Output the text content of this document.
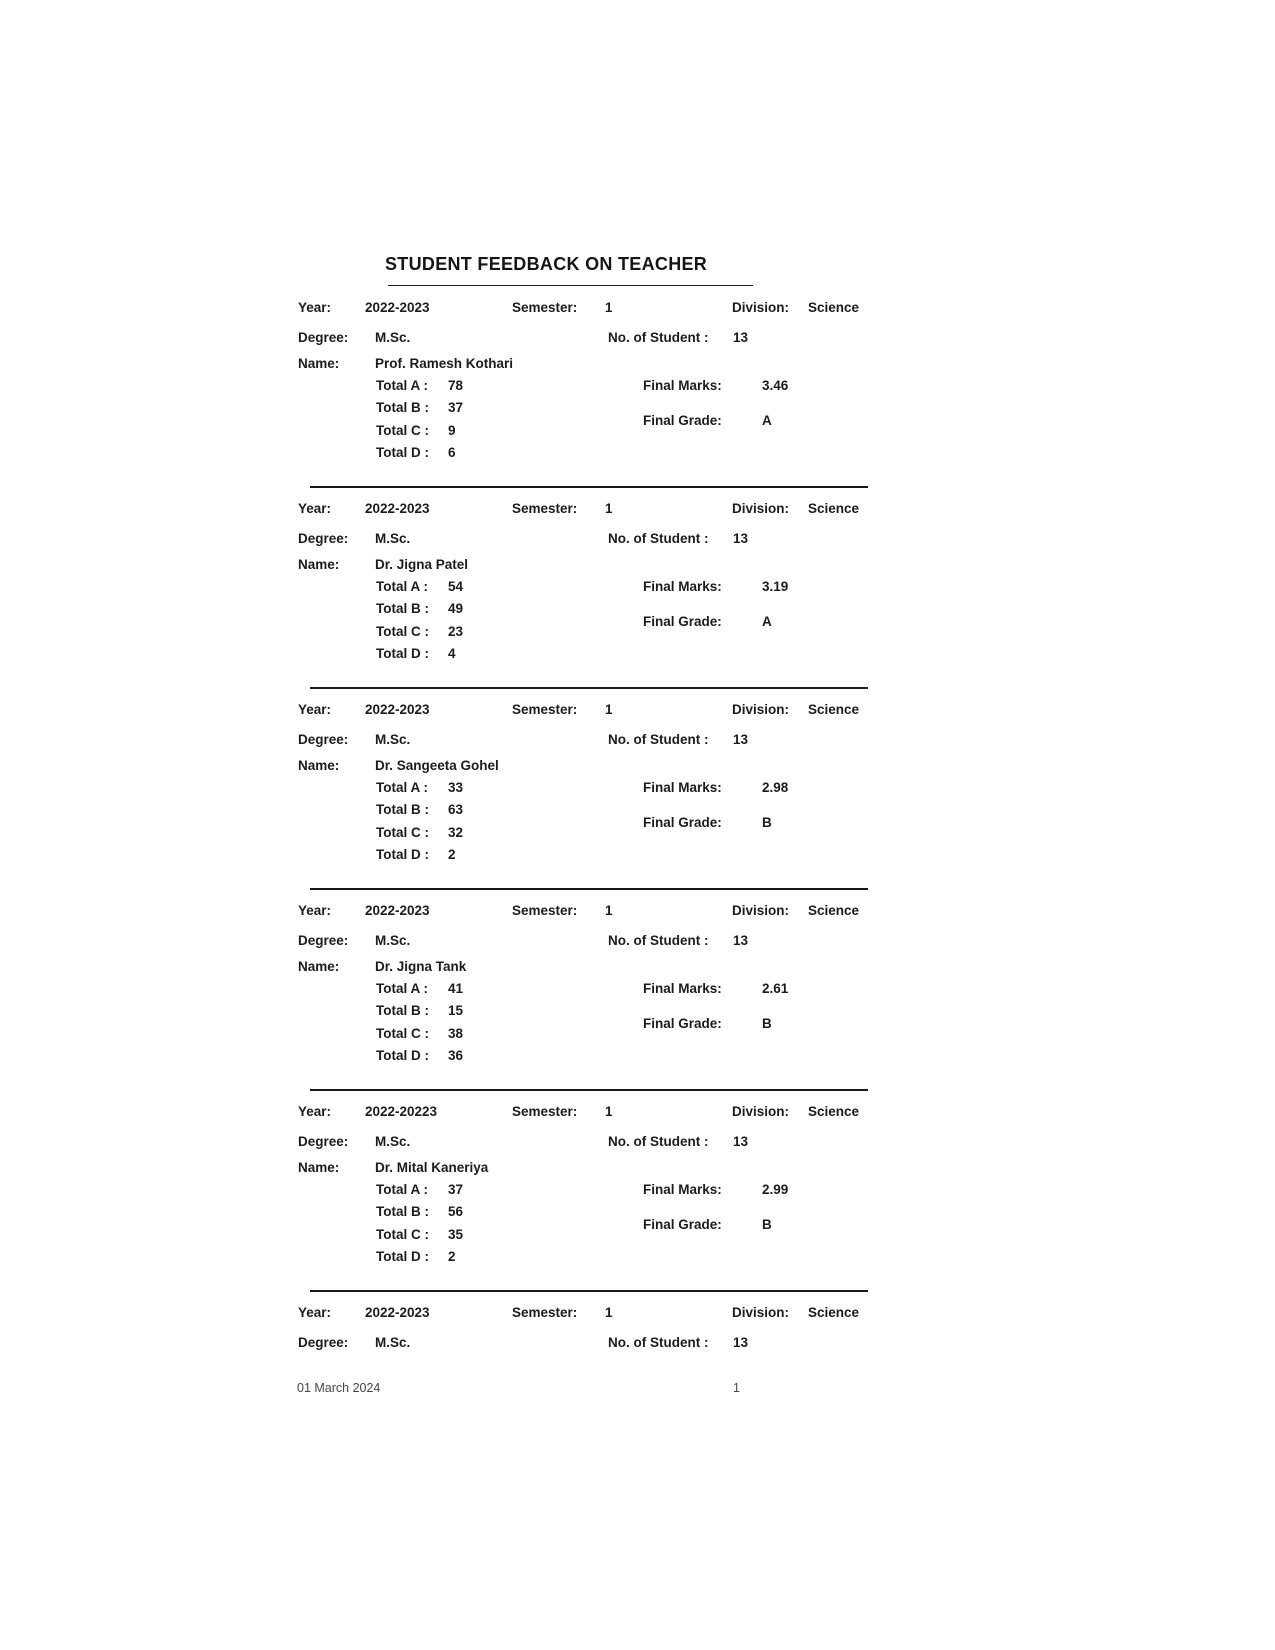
STUDENT FEEDBACK ON TEACHER
Year:	2022-2023	Semester: 1	Division: Science
Degree: M.Sc.	No. of Student : 13
Name:	Prof. Ramesh Kothari
Total A : 78
Total B : 37
Total C : 9
Total D : 6
Final Marks:	3.46
Final Grade:	A
Year:	2022-2023	Semester: 1	Division: Science
Degree: M.Sc.	No. of Student : 13
Name:	Dr. Jigna Patel
Total A : 54
Total B : 49
Total C : 23
Total D : 4
Final Marks:	3.19
Final Grade:	A
Year:	2022-2023	Semester: 1	Division: Science
Degree: M.Sc.	No. of Student : 13
Name:	Dr. Sangeeta Gohel
Total A : 33
Total B : 63
Total C : 32
Total D : 2
Final Marks:	2.98
Final Grade:	B
Year:	2022-2023	Semester: 1	Division: Science
Degree: M.Sc.	No. of Student : 13
Name:	Dr. Jigna Tank
Total A : 41
Total B : 15
Total C : 38
Total D : 36
Final Marks:	2.61
Final Grade:	B
Year:	2022-20223	Semester: 1	Division: Science
Degree: M.Sc.	No. of Student : 13
Name:	Dr. Mital Kaneriya
Total A : 37
Total B : 56
Total C : 35
Total D : 2
Final Marks:	2.99
Final Grade:	B
Year:	2022-2023	Semester: 1	Division: Science
Degree: M.Sc.	No. of Student : 13
01 March 2024	1
